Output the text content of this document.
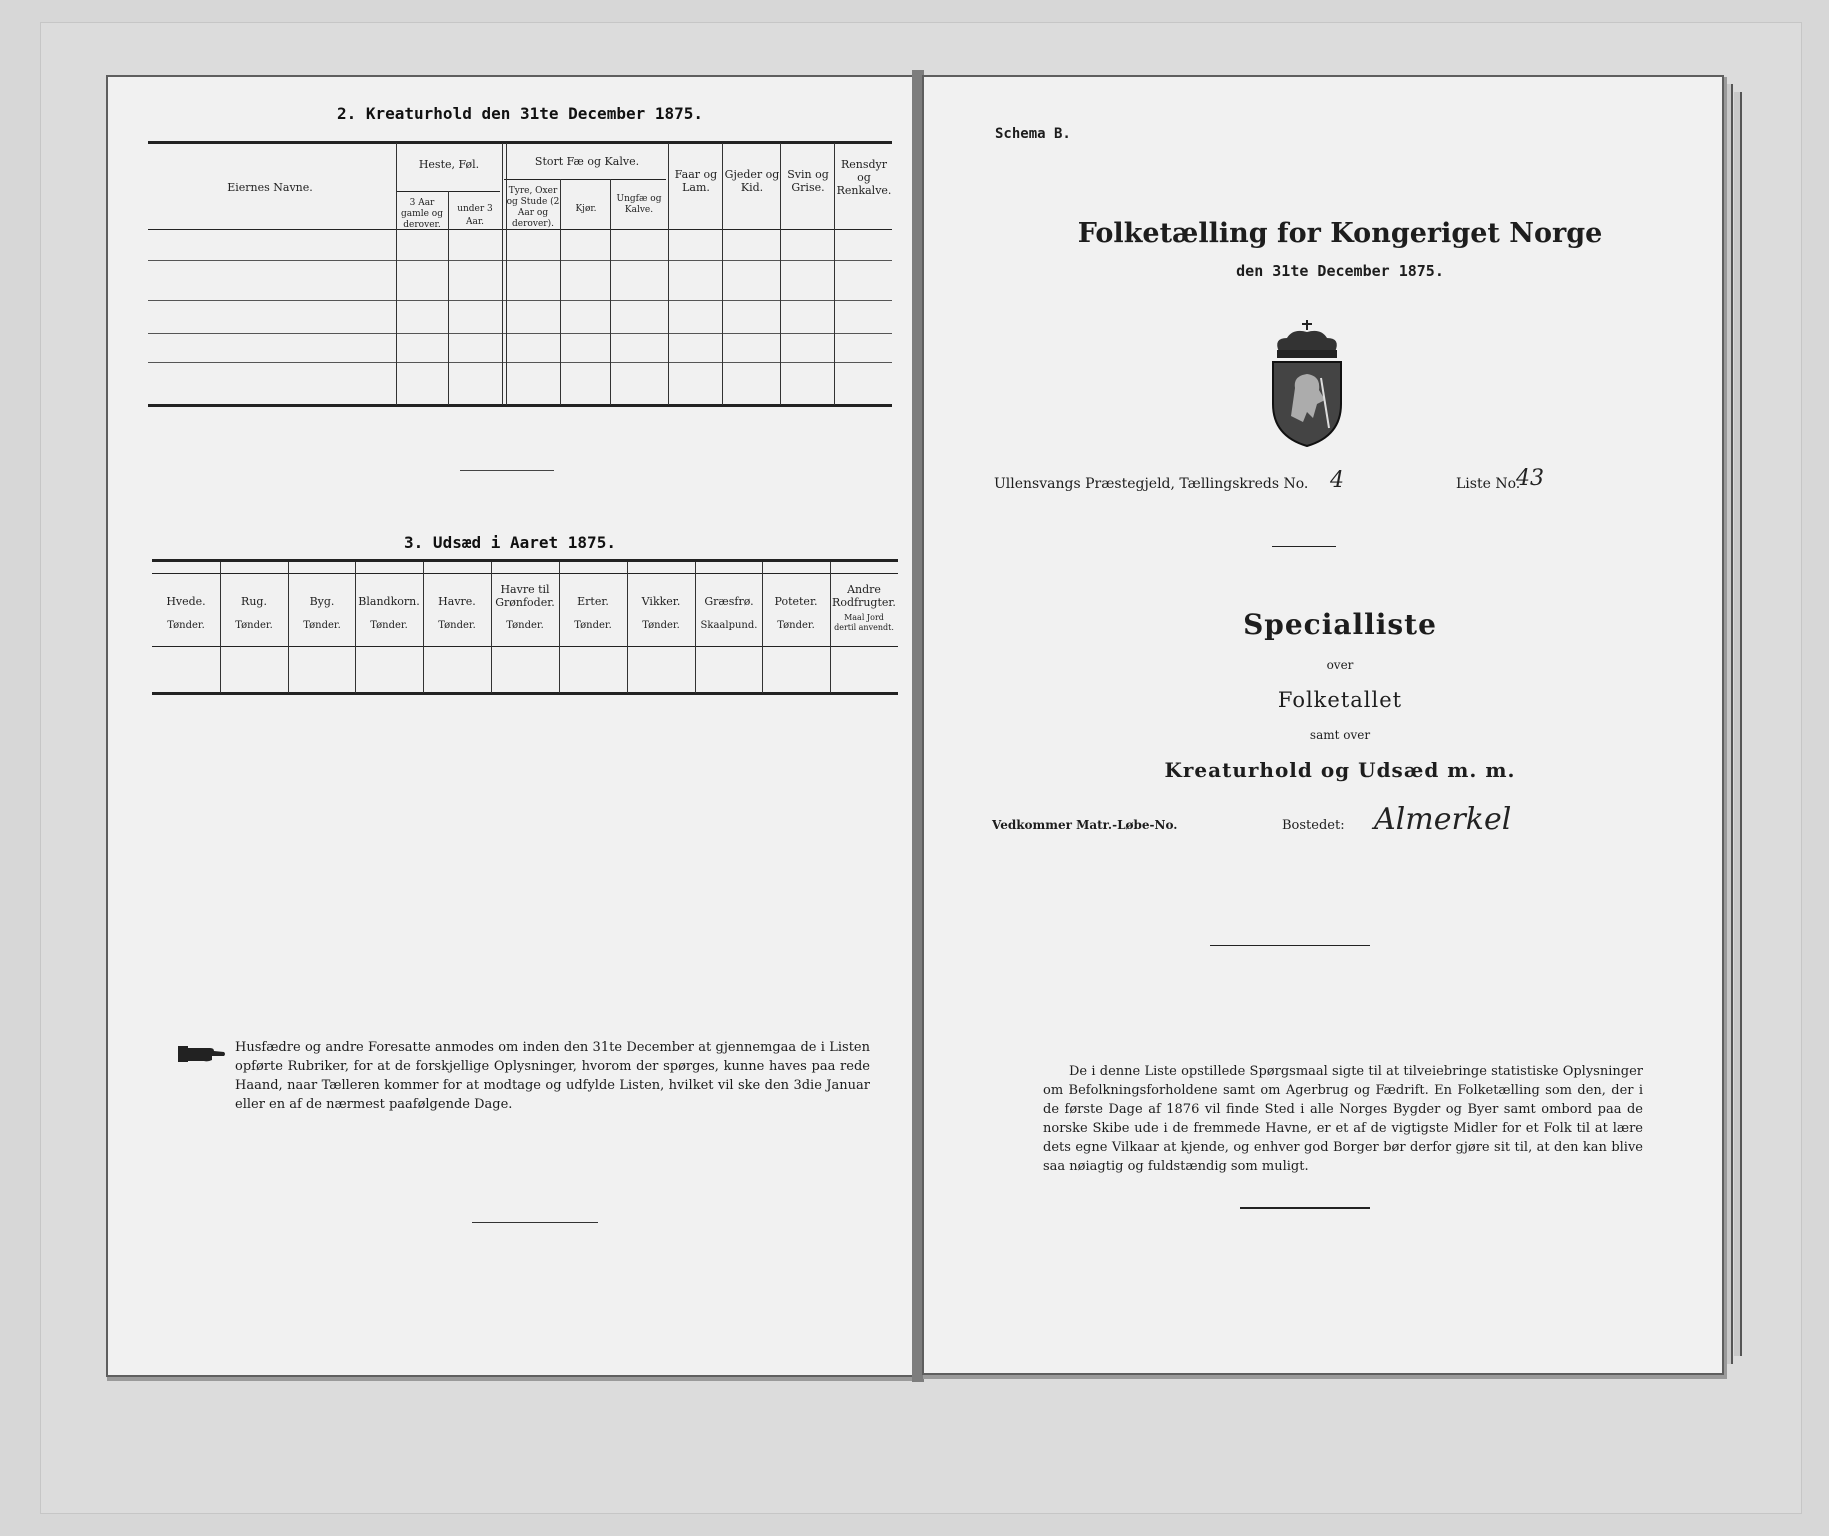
2. Kreaturhold den 31te December 1875.
Eiernes Navne.
Heste, Føl.
3 Aar gamle og derover.
under 3 Aar.
Stort Fæ og Kalve.
Tyre, Oxer og Stude (2 Aar og derover).
Kjør.
Ungfæ og Kalve.
Faar og Lam.
Gjeder og Kid.
Svin og Grise.
Rensdyr og Renkalve.
3. Udsæd i Aaret 1875.
Hvede.
Tønder.
Rug.
Tønder.
Byg.
Tønder.
Blandkorn.
Tønder.
Havre.
Tønder.
Havre til Grønfoder.
Tønder.
Erter.
Tønder.
Vikker.
Tønder.
Græsfrø.
Skaalpund.
Poteter.
Tønder.
Andre Rodfrugter.
Maal Jord dertil anvendt.
Husfædre og andre Foresatte anmodes om inden den 31te December at gjennemgaa de i Listen opførte Rubriker, for at de forskjellige Oplysninger, hvorom der spørges, kunne haves paa rede Haand, naar Tælleren kommer for at modtage og udfylde Listen, hvilket vil ske den 3die Januar eller en af de nærmest paafølgende Dage.
Schema B.
Folketælling for Kongeriget Norge
den 31te December 1875.
Ullensvangs Præstegjeld, Tællingskreds No. 4	Liste No.
43
Specialliste
over
Folketallet
samt over
Kreaturhold og Udsæd m. m.
Vedkommer Matr.-Løbe-No.	Bostedet: Almerkel
De i denne Liste opstillede Spørgsmaal sigte til at tilveiebringe statistiske Oplysninger om Befolkningsforholdene samt om Agerbrug og Fædrift. En Folketælling som den, der i de første Dage af 1876 vil finde Sted i alle Norges Bygder og Byer samt ombord paa de norske Skibe ude i de fremmede Havne, er et af de vigtigste Midler for et Folk til at lære dets egne Vilkaar at kjende, og enhver god Borger bør derfor gjøre sit til, at den kan blive saa nøiagtig og fuldstændig som muligt.
